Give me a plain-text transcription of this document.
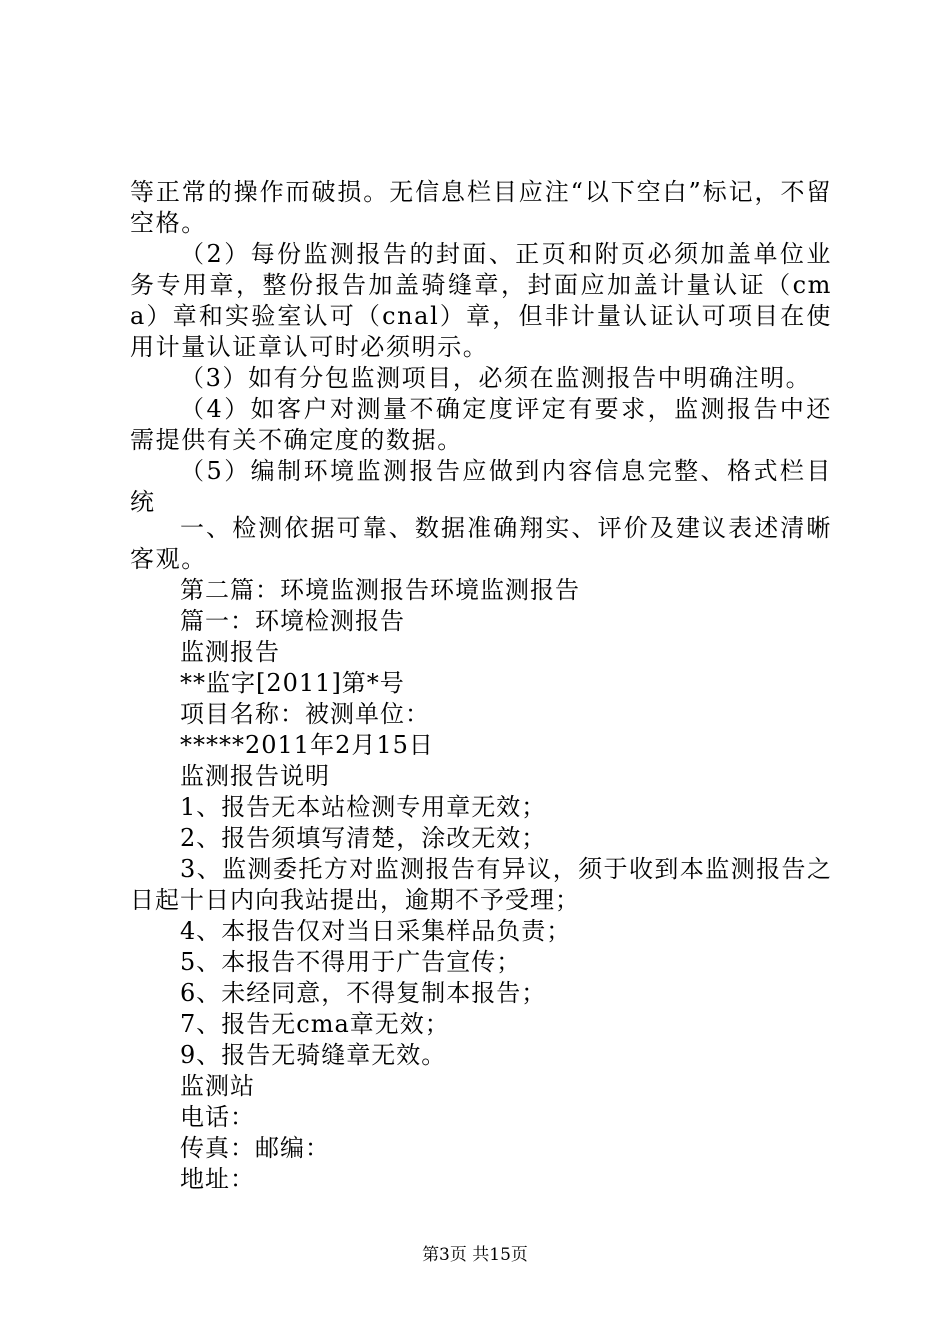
等正常的操作而破损。无信息栏目应注“以下空白”标记，不留空格。

（2）每份监测报告的封面、正页和附页必须加盖单位业务专用章，整份报告加盖骑缝章，封面应加盖计量认证（cma）章和实验室认可（cnal）章，但非计量认证认可项目在使用计量认证章认可时必须明示。

（3）如有分包监测项目，必须在监测报告中明确注明。

（4）如客户对测量不确定度评定有要求，监测报告中还需提供有关不确定度的数据。

（5）编制环境监测报告应做到内容信息完整、格式栏目统

一、检测依据可靠、数据准确翔实、评价及建议表述清晰客观。

第二篇：环境监测报告环境监测报告

篇一：环境检测报告

监测报告

**监字[2011]第*号

项目名称：被测单位：

*****2011年2月15日

监测报告说明

1、报告无本站检测专用章无效；

2、报告须填写清楚，涂改无效；

3、监测委托方对监测报告有异议，须于收到本监测报告之日起十日内向我站提出，逾期不予受理；

4、本报告仅对当日采集样品负责；

5、本报告不得用于广告宣传；

6、未经同意，不得复制本报告；

7、报告无cma章无效；

9、报告无骑缝章无效。

监测站

电话：

传真：邮编：

地址：

第3页 共15页
